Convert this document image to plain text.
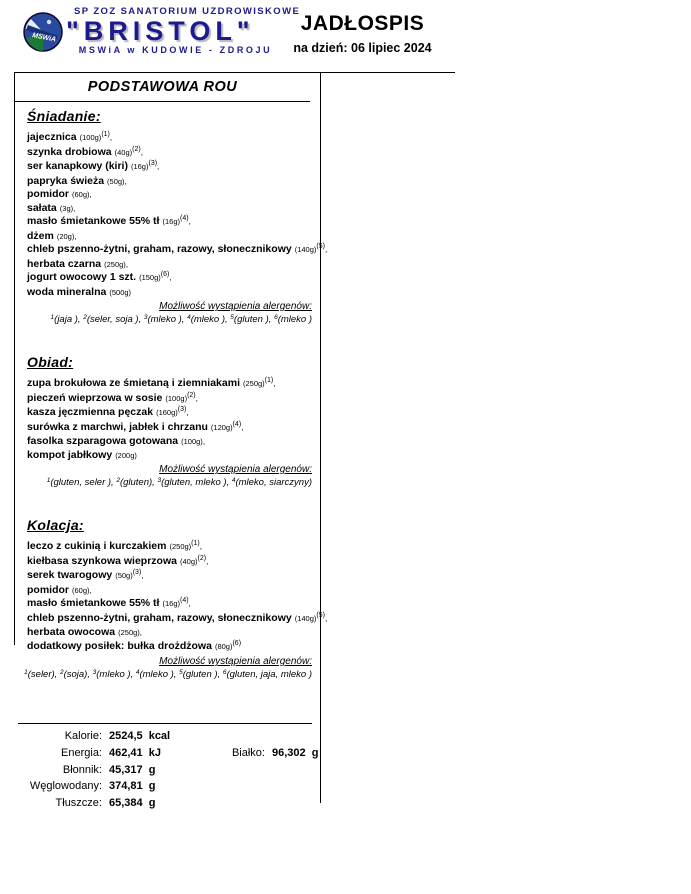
MSWiA
SP ZOZ SANATORIUM UZDROWISKOWE
"BRISTOL"
MSWiA w KUDOWIE - ZDROJU
JADŁOSPIS
na dzień: 06 lipiec 2024
PODSTAWOWA ROU
Śniadanie:
jajecznica $(100g)^{(1)}$,
szynka drobiowa $(40g)^{(2)}$,
ser kanapkowy (kiri) $(16g)^{(3)}$,
papryka świeża (50g),
pomidor (60g),
sałata (3g),
masło śmietankowe 55% tł $(16g)^{(4)}$,
dżem (20g),
chleb pszenno-żytni, graham, razowy, słonecznikowy $(140g)^{(5)}$,
herbata czarna (250g),
jogurt owocowy 1 szt. $(150g)^{(6)}$,
woda mineralna (500g)
Możliwość wystąpienia alergenów:
$^1$(jaja ), $^2$(seler, soja ), $^3$(mleko ), $^4$(mleko ), $^5$(gluten ), $^6$(mleko )
Obiad:
zupa brokułowa ze śmietaną i ziemniakami $(250g)^{(1)}$,
pieczeń wieprzowa w sosie $(100g)^{(2)}$,
kasza jęczmienna pęczak $(160g)^{(3)}$,
surówka z marchwi, jabłek i chrzanu $(120g)^{(4)}$,
fasolka szparagowa gotowana (100g),
kompot jabłkowy (200g)
Możliwość wystąpienia alergenów:
$^1$(gluten, seler ), $^2$(gluten), $^3$(gluten, mleko ), $^4$(mleko, siarczyny)
Kolacja:
leczo z cukinią i kurczakiem $(250g)^{(1)}$,
kiełbasa szynkowa wieprzowa $(40g)^{(2)}$,
serek twarogowy $(50g)^{(3)}$,
pomidor (60g),
masło śmietankowe 55% tł $(16g)^{(4)}$,
chleb pszenno-żytni, graham, razowy, słonecznikowy $(140g)^{(5)}$,
herbata owocowa (250g),
dodatkowy posiłek: bułka drożdżowa $(80g)^{(6)}$
Możliwość wystąpienia alergenów:
$^1$(seler), $^2$(soja), $^3$(mleko ), $^4$(mleko ), $^5$(gluten ), $^6$(gluten, jaja, mleko )
Kalorie: 2524,5 kcal
Energia: 462,41 kJ	Białko: 96,302 g
Błonnik: 45,317 g
Węglowodany: 374,81 g
Tłuszcze: 65,384 g
